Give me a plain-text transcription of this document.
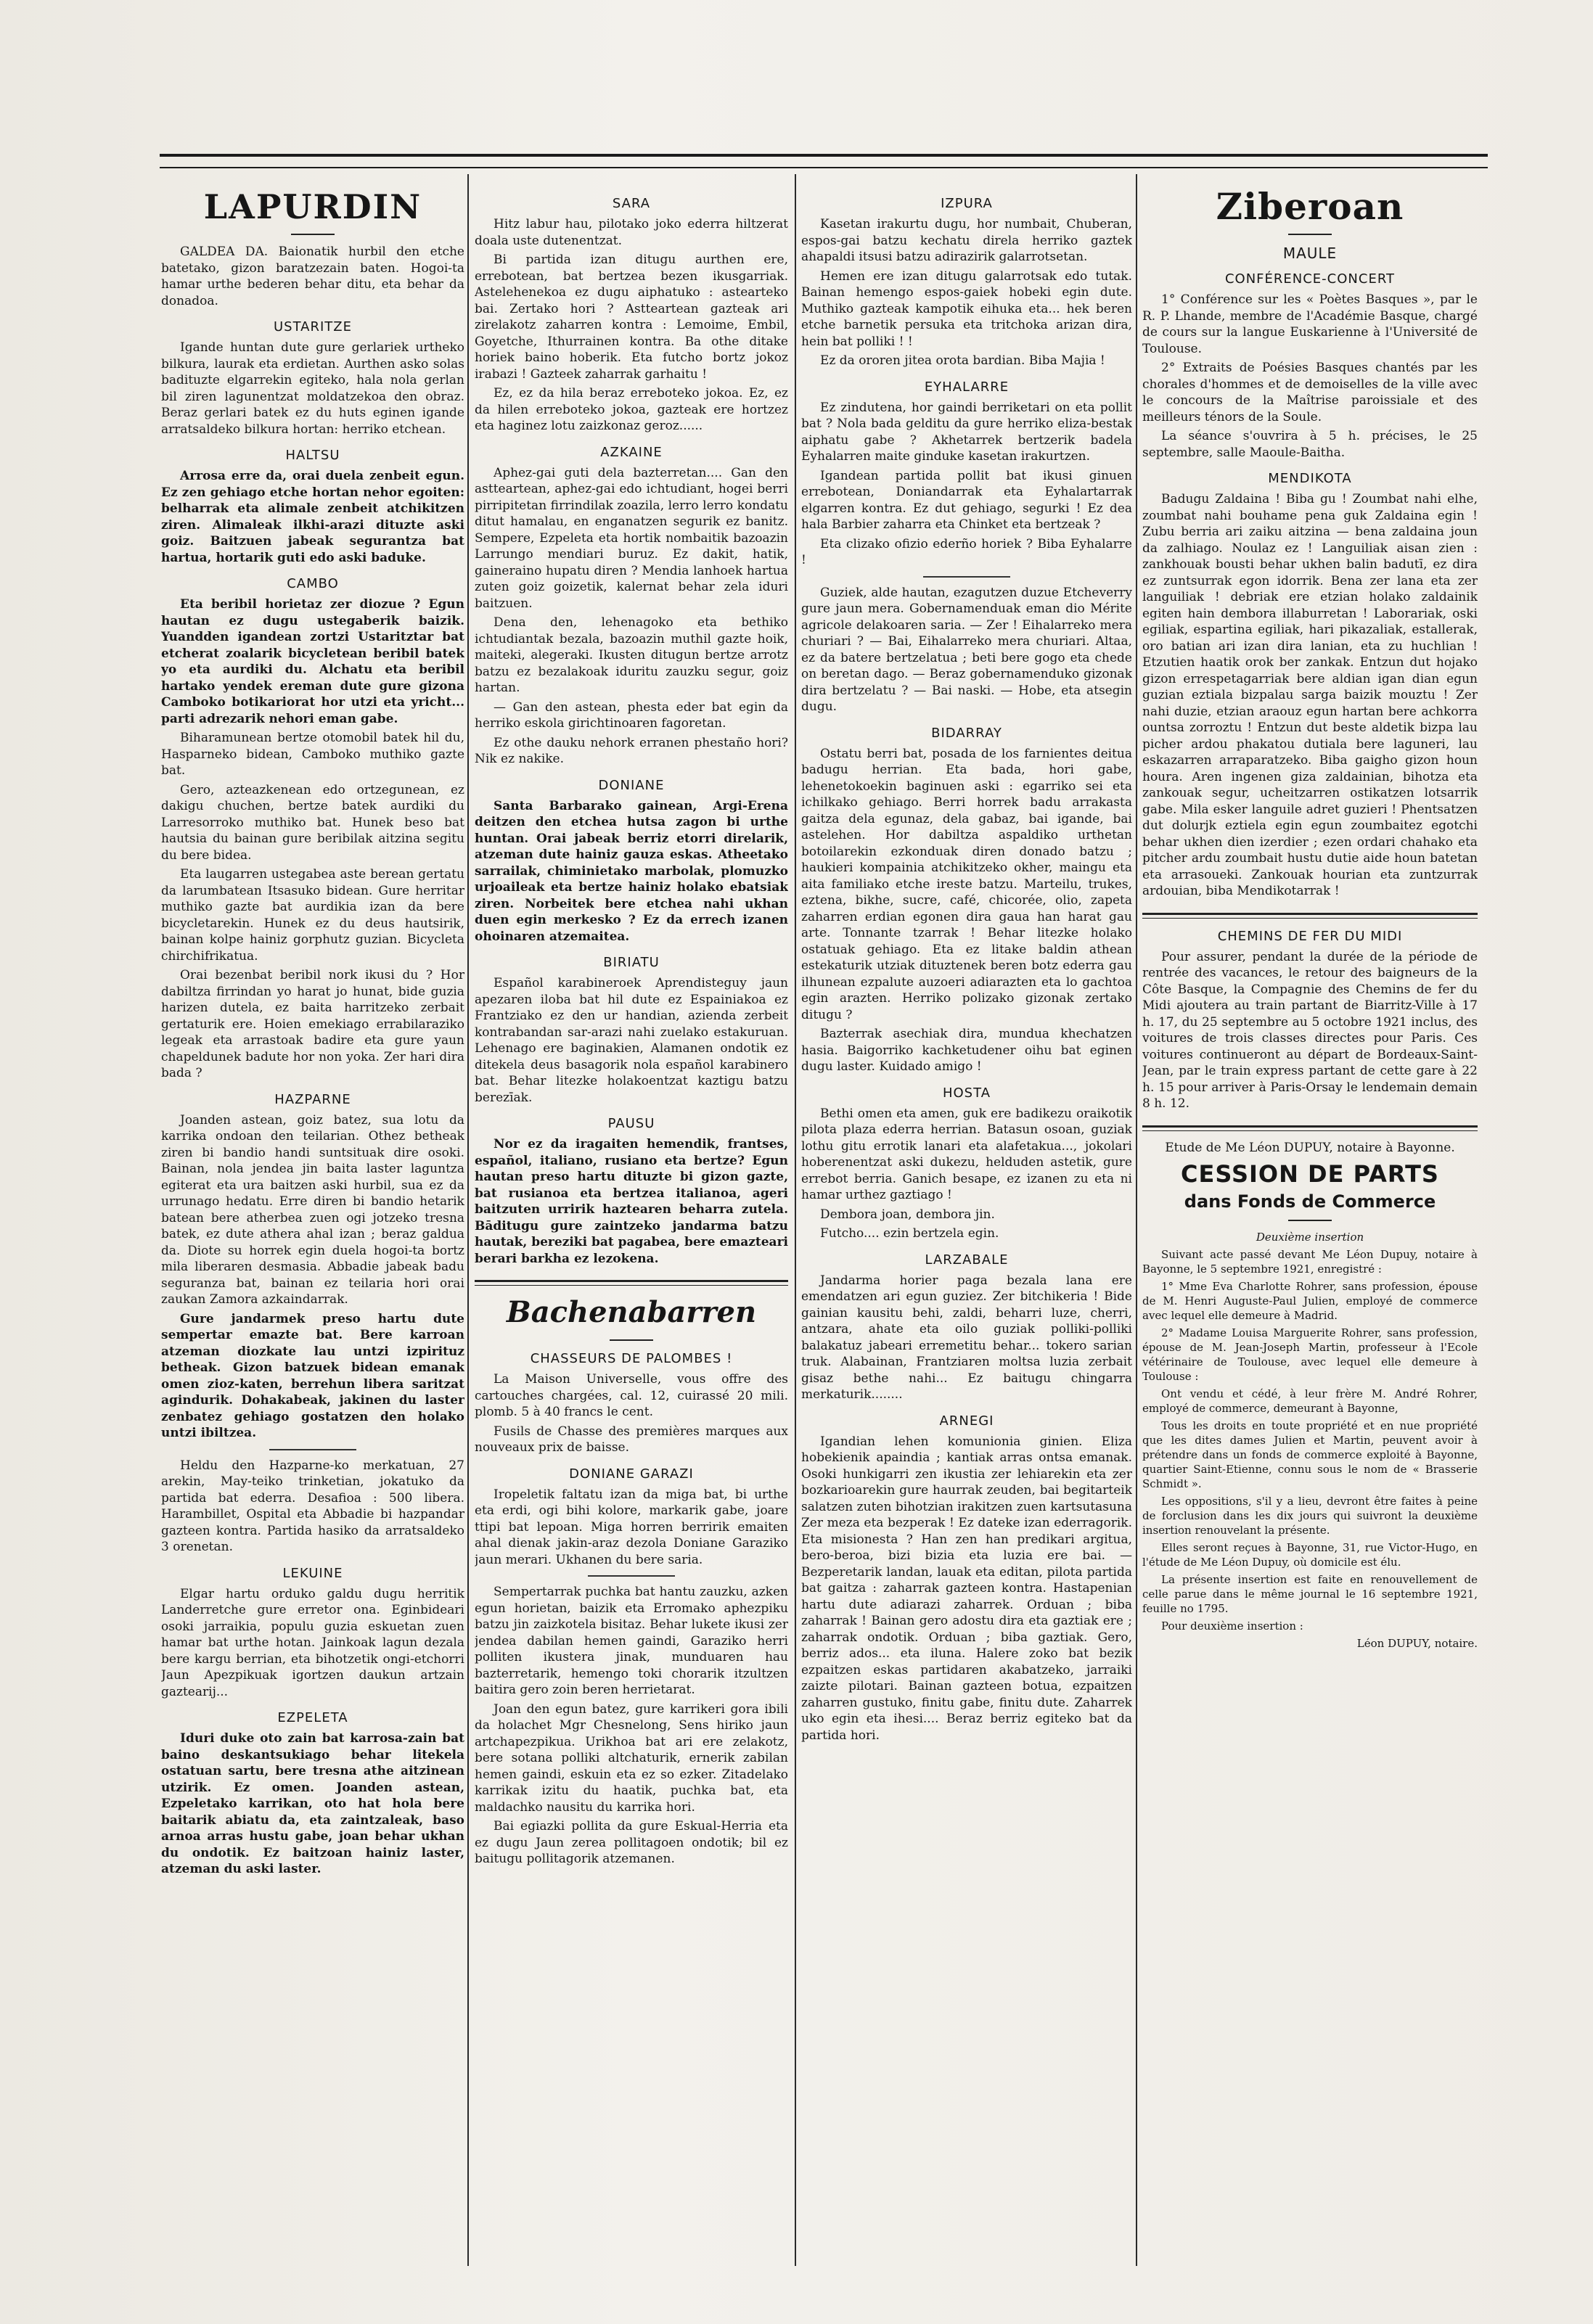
LAPURDIN

GALDEA DA. Baionatik hurbil den etche batetako, gizon baratzezain baten. Hogoi-ta hamar urthe bederen behar ditu, eta behar da donadoa.

USTARITZE

Igande huntan dute gure gerlariek urtheko bilkura, laurak eta erdietan. Aurthen asko solas badituzte elgarrekin egiteko, hala nola gerlan bil ziren lagunentzat moldatzekoa den obraz. Beraz gerlari batek ez du huts eginen igande arratsaldeko bilkura hortan: herriko etchean.

HALTSU

Arrosa erre da, orai duela zenbeit egun. Ez zen gehiago etche hortan nehor egoiten: belharrak eta alimale zenbeit atchikitzen ziren. Alimaleak ilkhi-arazi dituzte aski goiz. Baitzuen jabeak segurantza bat hartua, hortarik guti edo aski baduke.

CAMBO

Eta beribil horietaz zer diozue ? Egun hautan ez dugu ustegaberik baizik. Yuandden igandean zortzi Ustaritztar bat etcherat zoalarik bicycletean beribil batek yo eta aurdiki du. Alchatu eta beribil hartako yendek ereman dute gure gizona Camboko botikariorat hor utzi eta yricht... parti adrezarik nehori eman gabe.

Biharamunean bertze otomobil batek hil du, Hasparneko bidean, Camboko muthiko gazte bat.

Gero, azteazkenean edo ortzegunean, ez dakigu chuchen, bertze batek aurdiki du Larresorroko muthiko bat. Hunek beso bat hautsia du bainan gure beribilak aitzina segitu du bere bidea.

Eta laugarren ustegabea aste berean gertatu da larumbatean Itsasuko bidean. Gure herritar muthiko gazte bat aurdikia izan da bere bicycletarekin. Hunek ez du deus hautsirik, bainan kolpe hainiz gorphutz guzian. Bicycleta chirchifrikatua.

Orai bezenbat beribil nork ikusi du ? Hor dabiltza firrindan yo harat jo hunat, bide guzia harizen dutela, ez baita harritzeko zerbait gertaturik ere. Hoien emekiago errabilaraziko legeak eta arrastoak badire eta gure yaun chapeldunek badute hor non yoka. Zer hari dira bada ?

HAZPARNE

Joanden astean, goiz batez, sua lotu da karrika ondoan den teilarian. Othez betheak ziren bi bandio handi suntsituak dire osoki. Bainan, nola jendea jin baita laster laguntza egiterat eta ura baitzen aski hurbil, sua ez da urrunago hedatu. Erre diren bi bandio hetarik batean bere atherbea zuen ogi jotzeko tresna batek, ez dute athera ahal izan ; beraz galdua da. Diote su horrek egin duela hogoi-ta bortz mila liberaren desmasia. Abbadie jabeak badu seguranza bat, bainan ez teilaria hori orai zaukan Zamora azkaindarrak.

Gure jandarmek preso hartu dute sempertar emazte bat. Bere karroan atzeman diozkate lau untzi izpirituz betheak. Gizon batzuek bidean emanak omen zioz-katen, berrehun libera saritzat agindurik. Dohakabeak, jakinen du laster zenbatez gehiago gostatzen den holako untzi ibiltzea.

Heldu den Hazparne-ko merkatuan, 27 arekin, May-teiko trinketian, jokatuko da partida bat ederra. Desafioa : 500 libera. Harambillet, Ospital eta Abbadie bi hazpandar gazteen kontra. Partida hasiko da arratsaldeko 3 orenetan.

LEKUINE

Elgar hartu orduko galdu dugu herritik Landerretche gure erretor ona. Eginbideari osoki jarraikia, populu guzia eskuetan zuen hamar bat urthe hotan. Jainkoak lagun dezala bere kargu berrian, eta bihotzetik ongi-etchorri Jaun Apezpikuak igortzen daukun artzain gaztearij...

EZPELETA

Iduri duke oto zain bat karrosa-zain bat baino deskantsukiago behar litekela ostatuan sartu, bere tresna athe aitzinean utzirik. Ez omen. Joanden astean, Ezpeletako karrikan, oto hat hola bere baitarik abiatu da, eta zaintzaleak, baso arnoa arras hustu gabe, joan behar ukhan du ondotik. Ez baitzoan hainiz laster, atzeman du aski laster.

SARA

Hitz labur hau, pilotako joko ederra hiltzerat doala uste dutenentzat.

Bi partida izan ditugu aurthen ere, errebotean, bat bertzea bezen ikusgarriak. Astelehenekoa ez dugu aiphatuko : astearteko bai. Zertako hori ? Astteartean gazteak ari zirelakotz zaharren kontra : Lemoime, Embil, Goyetche, Ithurrainen kontra. Ba othe ditake horiek baino hoberik. Eta futcho bortz jokoz irabazi ! Gazteek zaharrak garhaitu !

Ez, ez da hila beraz erreboteko jokoa. Ez, ez da hilen erreboteko jokoa, gazteak ere hortzez eta haginez lotu zaizkonaz geroz......

AZKAINE

Aphez-gai guti dela bazterretan.... Gan den astteartean, aphez-gai edo ichtudiant, hogei berri pirripitetan firrindilak zoazila, lerro lerro kondatu ditut hamalau, en enganatzen segurik ez banitz. Sempere, Ezpeleta eta hortik nombaitik bazoazin Larrungo mendiari buruz. Ez dakit, hatik, gaineraino hupatu diren ? Mendia lanhoek hartua zuten goiz goizetik, kalernat behar zela iduri baitzuen.

Dena den, lehenagoko eta bethiko ichtudiantak bezala, bazoazin muthil gazte hoik, maiteki, alegeraki. Ikusten ditugun bertze arrotz batzu ez bezalakoak iduritu zauzku segur, goiz hartan.

— Gan den astean, phesta eder bat egin da herriko eskola girichtinoaren fagoretan.

Ez othe dauku nehork erranen phestaño hori? Nik ez nakike.

DONIANE

Santa Barbarako gainean, Argi-Erena deitzen den etchea hutsa zagon bi urthe huntan. Orai jabeak berriz etorri direlarik, atzeman dute hainiz gauza eskas. Atheetako sarrailak, chiminietako marbolak, plomuzko urjoaileak eta bertze hainiz holako ebatsiak ziren. Norbeitek bere etchea nahi ukhan duen egin merkesko ? Ez da errech izanen ohoinaren atzemaitea.

BIRIATU

Español karabineroek Aprendisteguy jaun apezaren iloba bat hil dute ez Espainiakoa ez Frantziako ez den ur handian, azienda zerbeit kontrabandan sar-arazi nahi zuelako estakuruan. Lehenago ere baginakien, Alamanen ondotik ez ditekela deus basagorik nola español karabinero bat. Behar litezke holakoentzat kaztigu batzu berezīak.

PAUSU

Nor ez da iragaiten hemendik, frantses, español, italiano, rusiano eta bertze? Egun hautan preso hartu dituzte bi gizon gazte, bat rusianoa eta bertzea italianoa, ageri baitzuten urririk haztearen beharra zutela. Bāditugu gure zaintzeko jandarma batzu hautak, bereziki bat pagabea, bere emazteari berari barkha ez lezokena.

Bachenabarren
CHASSEURS DE PALOMBES !

La Maison Universelle, vous offre des cartouches chargées, cal. 12, cuirassé 20 mili. plomb. 5 à 40 francs le cent.

Fusils de Chasse des premières marques aux nouveaux prix de baisse.

DONIANE GARAZI

Iropeletik faltatu izan da miga bat, bi urthe eta erdi, ogi bihi kolore, markarik gabe, joare ttipi bat lepoan. Miga horren berririk emaiten ahal dienak jakin-araz dezola Doniane Garaziko jaun merari. Ukhanen du bere saria.

Sempertarrak puchka bat hantu zauzku, azken egun horietan, baizik eta Erromako aphezpiku batzu jin zaizkotela bisitaz. Behar lukete ikusi zer jendea dabilan hemen gaindi, Garaziko herri polliten ikustera jinak, munduaren hau bazterretarik, hemengo toki chorarik itzultzen baitira gero zoin beren herrietarat.

Joan den egun batez, gure karrikeri gora ibili da holachet Mgr Chesnelong, Sens hiriko jaun artchapezpikua. Urikhoa bat ari ere zelakotz, bere sotana polliki altchaturik, ernerik zabilan hemen gaindi, eskuin eta ez so ezker. Zitadelako karrikak izitu du haatik, puchka bat, eta maldachko nausitu du karrika hori.

Bai egiazki pollita da gure Eskual-Herria eta ez dugu Jaun zerea pollitagoen ondotik; bil ez baitugu pollitagorik atzemanen.

IZPURA

Kasetan irakurtu dugu, hor numbait, Chuberan, espos-gai batzu kechatu direla herriko gaztek ahapaldi itsusi batzu adirazirik galarrotsetan.

Hemen ere izan ditugu galarrotsak edo tutak. Bainan hemengo espos-gaiek hobeki egin dute. Muthiko gazteak kampotik eihuka eta... hek beren etche barnetik persuka eta tritchoka arizan dira, hein bat polliki ! !

Ez da ororen jitea orota bardian. Biba Majia !

EYHALARRE

Ez zindutena, hor gaindi berriketari on eta pollit bat ? Nola bada gelditu da gure herriko eliza-bestak aiphatu gabe ? Akhetarrek bertzerik badela Eyhalarren maite ginduke kasetan irakurtzen.

Igandean partida pollit bat ikusi ginuen errebotean, Doniandarrak eta Eyhalartarrak elgarren kontra. Ez dut gehiago, segurki ! Ez dea hala Barbier zaharra eta Chinket eta bertzeak ?

Eta clizako ofizio ederño horiek ? Biba Eyhalarre !

Guziek, alde hautan, ezagutzen duzue Etcheverry gure jaun mera. Gobernamenduak eman dio Mérite agricole delakoaren saria. — Zer ! Eihalarreko mera churiari ? — Bai, Eihalarreko mera churiari. Altaa, ez da batere bertzelatua ; beti bere gogo eta chede on beretan dago. — Beraz gobernamenduko gizonak dira bertzelatu ? — Bai naski. — Hobe, eta atsegin dugu.

BIDARRAY

Ostatu berri bat, posada de los farnientes deitua badugu herrian. Eta bada, hori gabe, lehenetokoekin baginuen aski : egarriko sei eta ichilkako gehiago. Berri horrek badu arrakasta gaitza dela egunaz, dela gabaz, bai igande, bai astelehen. Hor dabiltza aspaldiko urthetan botoilarekin ezkonduak diren donado batzu ; haukieri kompainia atchikitzeko okher, maingu eta aita familiako etche ireste batzu. Marteilu, trukes, eztena, bikhe, sucre, café, chicorée, olio, zapeta zaharren erdian egonen dira gaua han harat gau arte. Tonnante tzarrak ! Behar litezke holako ostatuak gehiago. Eta ez litake baldin athean estekaturik utziak dituztenek beren botz ederra gau ilhunean ezpalute auzoeri adiarazten eta lo gachtoa egin arazten. Herriko polizako gizonak zertako ditugu ?

Bazterrak asechiak dira, mundua khechatzen hasia. Baigorriko kachketudener oihu bat eginen dugu laster. Kuidado amigo !

HOSTA

Bethi omen eta amen, guk ere badikezu oraikotik pilota plaza ederra herrian. Batasun osoan, guziak lothu gitu errotik lanari eta alafetakua..., jokolari hoberenentzat aski dukezu, helduden astetik, gure errebot berria. Ganich besape, ez izanen zu eta ni hamar urthez gaztiago !

Dembora joan, dembora jin.

Futcho.... ezin bertzela egin.

LARZABALE

Jandarma horier paga bezala lana ere emendatzen ari egun guziez. Zer bitchikeria ! Bide gainian kausitu behi, zaldi, beharri luze, cherri, antzara, ahate eta oilo guziak polliki-polliki balakatuz jabeari erremetitu behar... tokero sarian truk. Alabainan, Frantziaren moltsa luzia zerbait gisaz bethe nahi... Ez baitugu chingarra merkaturik........

ARNEGI

Igandian lehen komunionia ginien. Eliza hobekienik apaindia ; kantiak arras ontsa emanak. Osoki hunkigarri zen ikustia zer lehiarekin eta zer bozkarioarekin gure haurrak zeuden, bai begitarteik salatzen zuten bihotzian irakitzen zuen kartsutasuna Zer meza eta bezperak ! Ez dateke izan ederragorik. Eta misionesta ? Han zen han predikari argitua, bero-beroa, bizi bizia eta luzia ere bai. — Bezperetarik landan, lauak eta editan, pilota partida bat gaitza : zaharrak gazteen kontra. Hastapenian hartu dute adiarazi zaharrek. Orduan ; biba zaharrak ! Bainan gero adostu dira eta gaztiak ere ; zaharrak ondotik. Orduan ; biba gaztiak. Gero, berriz ados... eta iluna. Halere zoko bat bezik ezpaitzen eskas partidaren akabatzeko, jarraiki zaizte pilotari. Bainan gazteen botua, ezpaitzen zaharren gustuko, finitu gabe, finitu dute. Zaharrek uko egin eta ihesi.... Beraz berriz egiteko bat da partida hori.

Ziberoan
MAULE
CONFÉRENCE-CONCERT

1° Conférence sur les « Poètes Basques », par le R. P. Lhande, membre de l'Académie Basque, chargé de cours sur la langue Euskarienne à l'Université de Toulouse.

2° Extraits de Poésies Basques chantés par les chorales d'hommes et de demoiselles de la ville avec le concours de la Maîtrise paroissiale et des meilleurs ténors de la Soule.

La séance s'ouvrira à 5 h. précises, le 25 septembre, salle Maoule-Baitha.

MENDIKOTA

Badugu Zaldaina ! Biba gu ! Zoumbat nahi elhe, zoumbat nahi bouhame pena guk Zaldaina egin ! Zubu berria ari zaiku aitzina — bena zaldaina joun da zalhiago. Noulaz ez ! Languiliak aisan zien : zankhouak bousti behar ukhen balin badutī, ez dira ez zuntsurrak egon idorrik. Bena zer lana eta zer languiliak ! debriak ere etzian holako zaldainik egiten hain dembora illaburretan ! Laborariak, oski egiliak, espartina egiliak, hari pikazaliak, estallerak, oro batian ari izan dira lanian, eta zu huchlian ! Etzutien haatik orok ber zankak. Entzun dut hojako gizon errespetagarriak bere aldian igan dian egun guzian eztiala bizpalau sarga baizik mouztu ! Zer nahi duzie, etzian araouz egun hartan bere achkorra ountsa zorroztu ! Entzun dut beste aldetik bizpa lau picher ardou phakatou dutiala bere laguneri, lau eskazarren arraparatzeko. Biba gaigho gizon houn houra. Aren ingenen giza zaldainian, bihotza eta zankouak segur, ucheitzarren ostikatzen lotsarrik gabe. Mila esker languile adret guzieri ! Phentsatzen dut dolurjk eztiela egin egun zoumbaitez egotchi behar ukhen dien izerdier ; ezen ordari chahako eta pitcher ardu zoumbait hustu dutie aide houn batetan eta arrasoueki. Zankouak hourian eta zuntzurrak ardouian, biba Mendikotarrak !

CHEMINS DE FER DU MIDI

Pour assurer, pendant la durée de la période de rentrée des vacances, le retour des baigneurs de la Côte Basque, la Compagnie des Chemins de fer du Midi ajoutera au train partant de Biarritz-Ville à 17 h. 17, du 25 septembre au 5 octobre 1921 inclus, des voitures de trois classes directes pour Paris. Ces voitures continueront au départ de Bordeaux-Saint-Jean, par le train express partant de cette gare à 22 h. 15 pour arriver à Paris-Orsay le lendemain demain 8 h. 12.

Etude de Me Léon DUPUY, notaire à Bayonne.

CESSION DE PARTS
dans Fonds de Commerce

Deuxième insertion

Suivant acte passé devant Me Léon Dupuy, notaire à Bayonne, le 5 septembre 1921, enregistré :

1° Mme Eva Charlotte Rohrer, sans profession, épouse de M. Henri Auguste-Paul Julien, employé de commerce avec lequel elle demeure à Madrid.

2° Madame Louisa Marguerite Rohrer, sans profession, épouse de M. Jean-Joseph Martin, professeur à l'Ecole vétérinaire de Toulouse, avec lequel elle demeure à Toulouse :

Ont vendu et cédé, à leur frère M. André Rohrer, employé de commerce, demeurant à Bayonne,

Tous les droits en toute propriété et en nue propriété que les dites dames Julien et Martin, peuvent avoir à prétendre dans un fonds de commerce exploité à Bayonne, quartier Saint-Etienne, connu sous le nom de « Brasserie Schmidt ».

Les oppositions, s'il y a lieu, devront être faites à peine de forclusion dans les dix jours qui suivront la deuxième insertion renouvelant la présente.

Elles seront reçues à Bayonne, 31, rue Victor-Hugo, en l'étude de Me Léon Dupuy, où domicile est élu.

La présente insertion est faite en renouvellement de celle parue dans le même journal le 16 septembre 1921, feuille no 1795.

Pour deuxième insertion :

Léon DUPUY, notaire.
